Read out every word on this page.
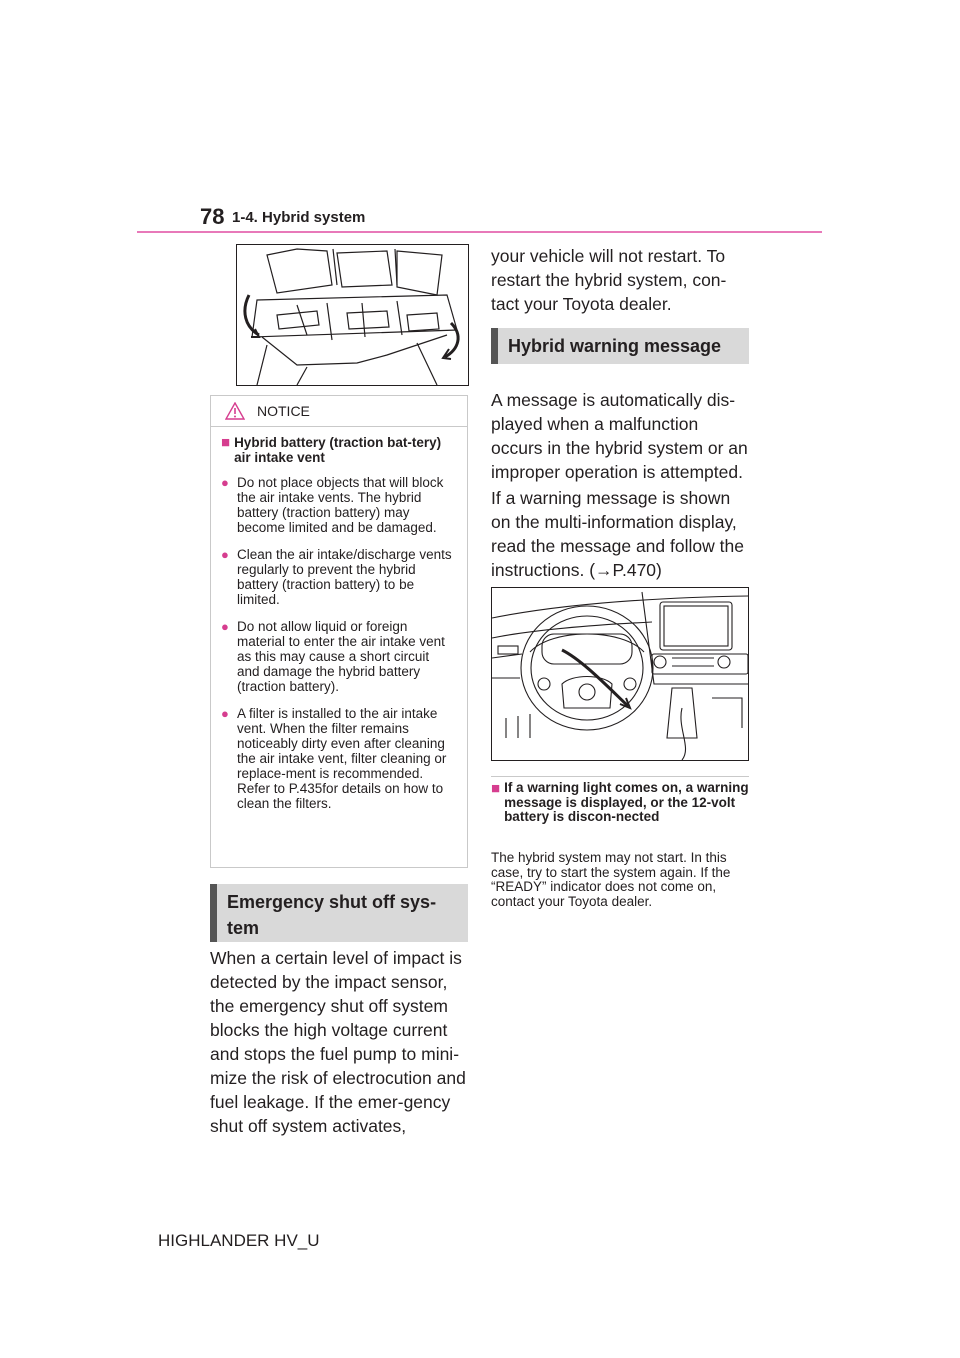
78 1-4. Hybrid system
NOTICE
■ Hybrid battery (traction bat-tery) air intake vent
● Do not place objects that will block the air intake vents. The hybrid battery (traction battery) may become limited and be damaged.
● Clean the air intake/discharge vents regularly to prevent the hybrid battery (traction battery) to be limited.
● Do not allow liquid or foreign material to enter the air intake vent as this may cause a short circuit and damage the hybrid battery (traction battery).
● A filter is installed to the air intake vent. When the filter remains noticeably dirty even after cleaning the air intake vent, filter cleaning or replace-ment is recommended. Refer to P.435for details on how to clean the filters.
Emergency shut off sys-tem
When a certain level of impact is detected by the impact sensor, the emergency shut off system blocks the high voltage current and stops the fuel pump to mini-mize the risk of electrocution and fuel leakage. If the emer-gency shut off system activates,
your vehicle will not restart. To restart the hybrid system, con-tact your Toyota dealer.
Hybrid warning message
A message is automatically dis-played when a malfunction occurs in the hybrid system or an improper operation is attempted.
If a warning message is shown on the multi-information display, read the message and follow the instructions. (→P.470)
■ If a warning light comes on, a warning message is displayed, or the 12-volt battery is discon-nected
The hybrid system may not start. In this case, try to start the system again. If the “READY” indicator does not come on, contact your Toyota dealer.
HIGHLANDER HV_U
